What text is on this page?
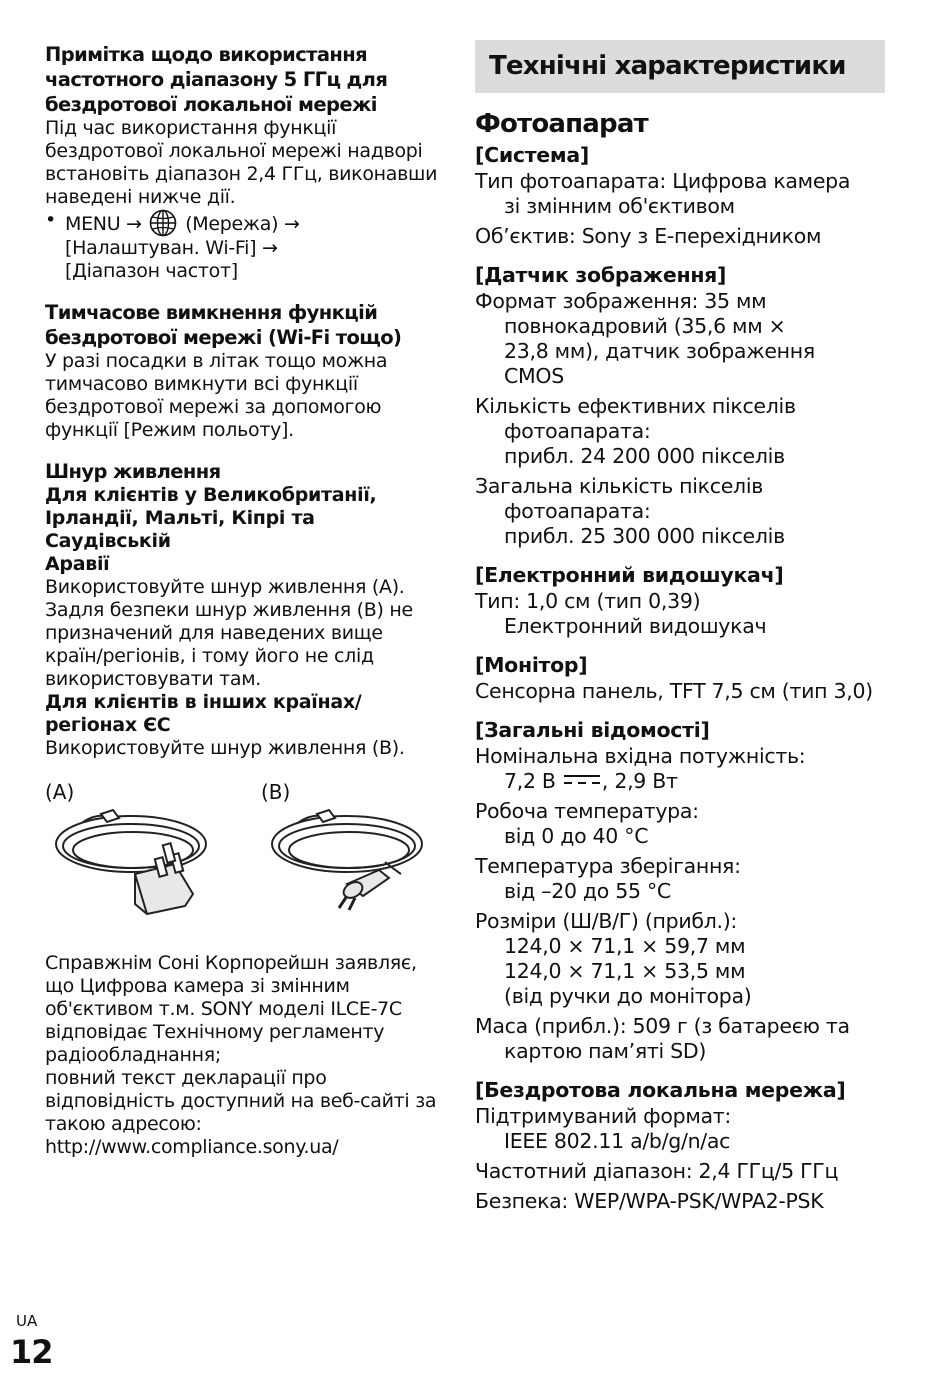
Примітка щодо використання
частотного діапазону 5 ГГц для
бездротової локальної мережі
Під час використання функції
бездротової локальної мережі надворі
встановіть діапазон 2,4 ГГц, виконавши
наведені нижче дії.
• MENU → (Мережа) →
[Налаштуван. Wi-Fi] →
[Діапазон частот]
Тимчасове вимкнення функцій
бездротової мережі (Wi-Fi тощо)
У разі посадки в літак тощо можна
тимчасово вимкнути всі функції
бездротової мережі за допомогою
функції [Режим польоту].
Шнур живлення
Для клієнтів у Великобританії,
Ірландії, Мальті, Кіпрі та Саудівській
Аравії
Використовуйте шнур живлення (A).
Задля безпеки шнур живлення (B) не
призначений для наведених вище
країн/регіонів, і тому його не слід
використовувати там.
Для клієнтів в інших країнах/
регіонах ЄС
Використовуйте шнур живлення (B).
(A)	(B)
Справжнім Соні Корпорейшн заявляє,
що Цифрова камера зі змінним
об'єктивом т.м. SONY моделі ILCE-7C
відповідає Технічному регламенту
радіообладнання;
повний текст декларації про
відповідність доступний на веб-сайті за
такою адресою:
http://www.compliance.sony.ua/
Технічні характеристики
Фотоапарат
[Система]
Тип фотоапарата: Цифрова камера
зі змінним об'єктивом
Об’єктив: Sony з Е-перехідником
[Датчик зображення]
Формат зображення: 35 мм
повнокадровий (35,6 мм ×
23,8 мм), датчик зображення
CMOS
Кількість ефективних пікселів
фотоапарата:
прибл. 24 200 000 пікселів
Загальна кількість пікселів
фотоапарата:
прибл. 25 300 000 пікселів
[Електронний видошукач]
Тип: 1,0 см (тип 0,39)
Електронний видошукач
[Монітор]
Сенсорна панель, TFT 7,5 см (тип 3,0)
[Загальні відомості]
Номінальна вхідна потужність:
7,2 В , 2,9 Вт
Робоча температура:
від 0 до 40 °C
Температура зберігання:
від –20 до 55 °C
Розміри (Ш/В/Г) (прибл.):
124,0 × 71,1 × 59,7 мм
124,0 × 71,1 × 53,5 мм
(від ручки до монітора)
Маса (прибл.): 509 г (з батареєю та
картою пам’яті SD)
[Бездротова локальна мережа]
Підтримуваний формат:
IEEE 802.11 a/b/g/n/ac
Частотний діапазон: 2,4 ГГц/5 ГГц
Безпека: WEP/WPA-PSK/WPA2-PSK
UA
12
